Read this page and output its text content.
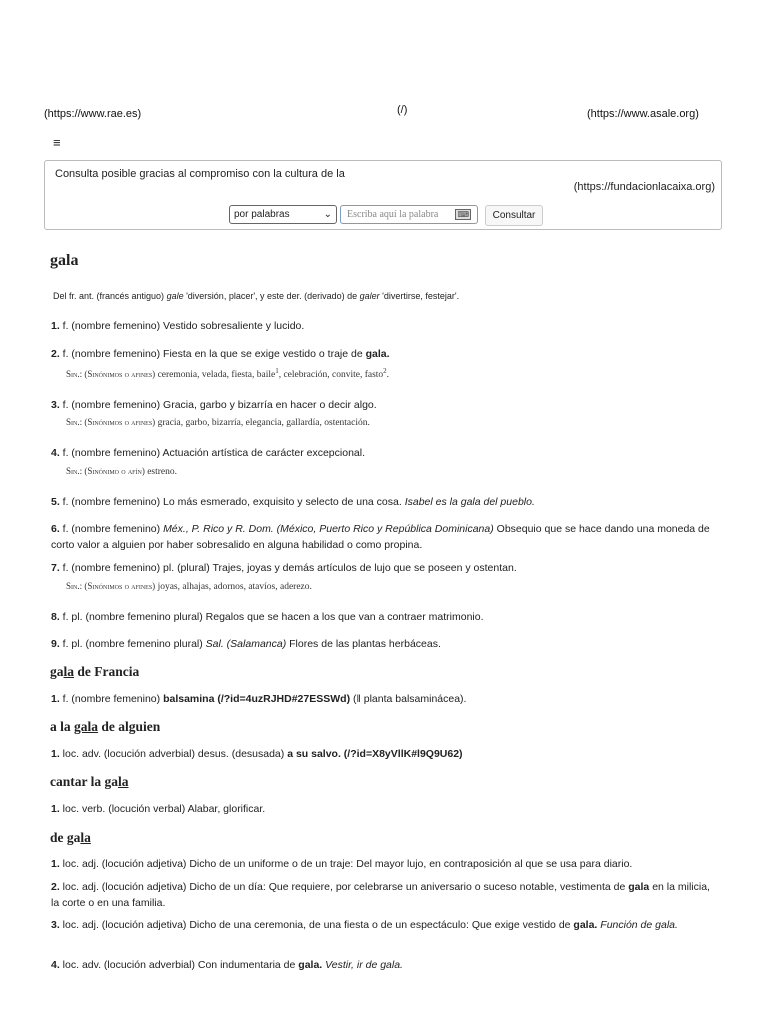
(https://www.rae.es)	(/)	(https://www.asale.org)
≡
Consulta posible gracias al compromiso con la cultura de la
(https://fundacionlacaixa.org)
por palabras	⌄ Escriba aquí la palabra ⌨	Consultar
gala
Del fr. ant. (francés antiguo) gale 'diversión, placer', y este der. (derivado) de galer 'divertirse, festejar'.
1. f. (nombre femenino) Vestido sobresaliente y lucido.
2. f. (nombre femenino) Fiesta en la que se exige vestido o traje de gala.
Sin.: (Sinónimos o afines) ceremonia, velada, fiesta, baile$^1$, celebración, convite, fasto$^2$.
3. f. (nombre femenino) Gracia, garbo y bizarría en hacer o decir algo.
Sin.: (Sinónimos o afines) gracia, garbo, bizarría, elegancia, gallardía, ostentación.
4. f. (nombre femenino) Actuación artística de carácter excepcional.
Sin.: (Sinónimo o afín) estreno.
5. f. (nombre femenino) Lo más esmerado, exquisito y selecto de una cosa. Isabel es la gala del pueblo.
6. f. (nombre femenino) Méx., P. Rico y R. Dom. (México, Puerto Rico y República Dominicana) Obsequio que se hace dando una moneda de corto valor a alguien por haber sobresalido en alguna habilidad o como propina.
7. f. (nombre femenino) pl. (plural) Trajes, joyas y demás artículos de lujo que se poseen y ostentan.
Sin.: (Sinónimos o afines) joyas, alhajas, adornos, atavíos, aderezo.
8. f. pl. (nombre femenino plural) Regalos que se hacen a los que van a contraer matrimonio.
9. f. pl. (nombre femenino plural) Sal. (Salamanca) Flores de las plantas herbáceas.
gala de Francia
1. f. (nombre femenino) balsamina (/?id=4uzRJHD#27ESSWd) (‖ planta balsaminácea).
a la gala de alguien
1. loc. adv. (locución adverbial) desus. (desusada) a su salvo. (/?id=X8yVllK#l9Q9U62)
cantar la gala
1. loc. verb. (locución verbal) Alabar, glorificar.
de gala
1. loc. adj. (locución adjetiva) Dicho de un uniforme o de un traje: Del mayor lujo, en contraposición al que se usa para diario.
2. loc. adj. (locución adjetiva) Dicho de un día: Que requiere, por celebrarse un aniversario o suceso notable, vestimenta de gala en la milicia, la corte o en una familia.
3. loc. adj. (locución adjetiva) Dicho de una ceremonia, de una fiesta o de un espectáculo: Que exige vestido de gala. Función de gala.
4. loc. adv. (locución adverbial) Con indumentaria de gala. Vestir, ir de gala.
